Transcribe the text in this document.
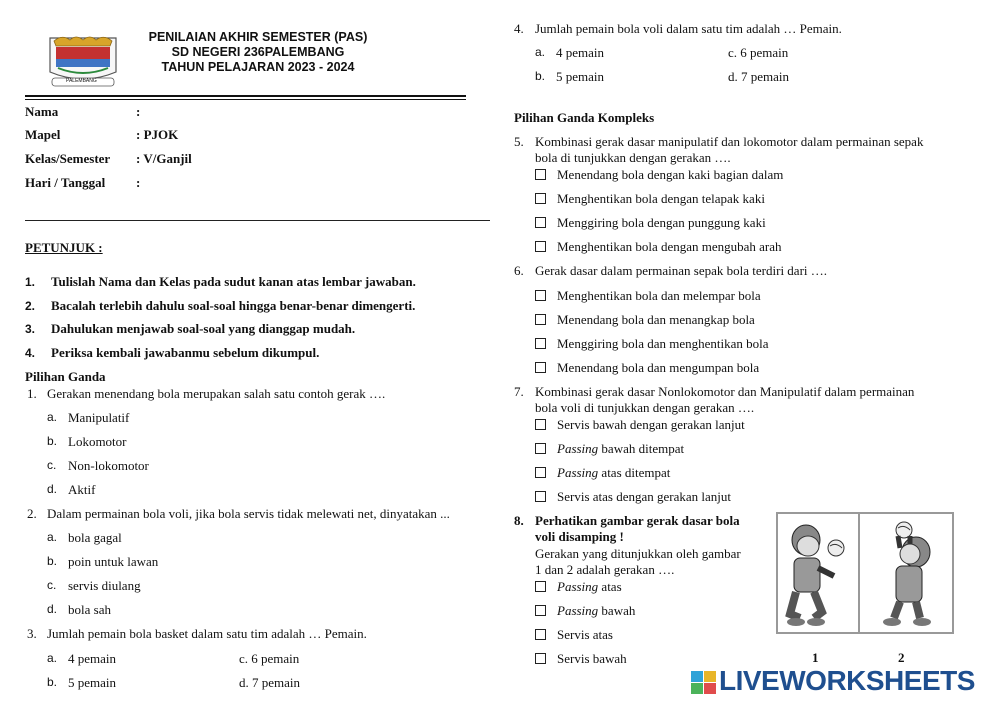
PALEMBANG
PENILAIAN AKHIR SEMESTER (PAS)
SD NEGERI 236PALEMBANG
TAHUN PELAJARAN 2023 - 2024
Nama	:
Mapel	: PJOK
Kelas/Semester : V/Ganjil
Hari / Tanggal :
PETUNJUK :
1. Tulislah Nama dan Kelas pada sudut kanan atas lembar jawaban.
2. Bacalah terlebih dahulu soal-soal hingga benar-benar dimengerti.
3. Dahulukan menjawab soal-soal yang dianggap mudah.
4. Periksa kembali jawabanmu sebelum dikumpul.
Pilihan Ganda
1. Gerakan menendang bola merupakan salah satu contoh gerak ….
a. Manipulatif
b. Lokomotor
c. Non-lokomotor
d. Aktif
2. Dalam permainan bola voli, jika bola servis tidak melewati net, dinyatakan ...
a. bola gagal
b. poin untuk lawan
c. servis diulang
d. bola sah
3. Jumlah pemain bola basket dalam satu tim adalah … Pemain.
a. 4 pemain	c. 6 pemain
b. 5 pemain	d. 7 pemain
4. Jumlah pemain bola voli dalam satu tim adalah … Pemain.
a. 4 pemain	c. 6 pemain
b. 5 pemain	d. 7 pemain
Pilihan Ganda Kompleks
5. Kombinasi gerak dasar manipulatif dan lokomotor dalam permainan sepak
bola di tunjukkan dengan gerakan ….
Menendang bola dengan kaki bagian dalam
Menghentikan bola dengan telapak kaki
Menggiring bola dengan punggung kaki
Menghentikan bola dengan mengubah arah
6. Gerak dasar dalam permainan sepak bola terdiri dari ….
Menghentikan bola dan melempar bola
Menendang bola dan menangkap bola
Menggiring bola dan menghentikan bola
Menendang bola dan mengumpan bola
7. Kombinasi gerak dasar Nonlokomotor dan Manipulatif dalam permainan
bola voli di tunjukkan dengan gerakan ….
Servis bawah dengan gerakan lanjut
Passing bawah ditempat
Passing atas ditempat
Servis atas dengan gerakan lanjut
8. Perhatikan gambar gerak dasar bola
voli disamping !
Gerakan yang ditunjukkan oleh gambar
1 dan 2 adalah gerakan ….
Passing atas
Passing bawah
Servis atas
Servis bawah	1	2
LIVEWORKSHEETS
